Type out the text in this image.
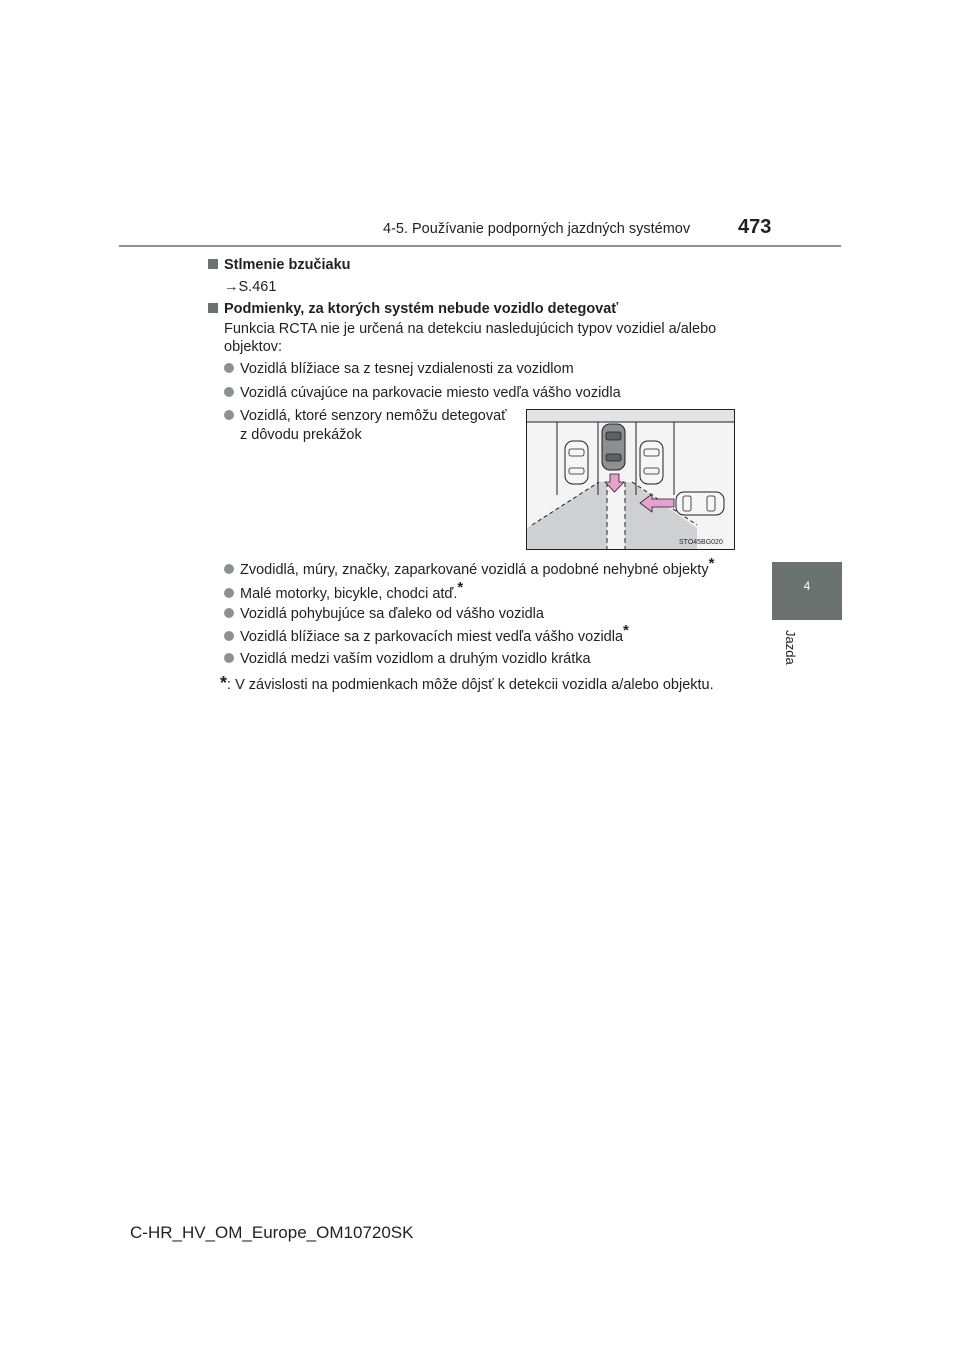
4-5. Používanie podporných jazdných systémov 473
4
Jazda
Stlmenie bzučiaku
→S.461
Podmienky, za ktorých systém nebude vozidlo detegovať
Funkcia RCTA nie je určená na detekciu nasledujúcich typov vozidiel a/alebo
objektov:
Vozidlá blížiace sa z tesnej vzdialenosti za vozidlom
Vozidlá cúvajúce na parkovacie miesto vedľa vášho vozidla
Vozidlá, ktoré senzory nemôžu detegovať
z dôvodu prekážok
Zvodidlá, múry, značky, zaparkované vozidlá a podobné nehybné objekty*
Malé motorky, bicykle, chodci atď.*
Vozidlá pohybujúce sa ďaleko od vášho vozidla
Vozidlá blížiace sa z parkovacích miest vedľa vášho vozidla*
Vozidlá medzi vaším vozidlom a druhým vozidlo krátka
*: V závislosti na podmienkach môže dôjsť k detekcii vozidla a/alebo objektu.
STO45BG020
C-HR_HV_OM_Europe_OM10720SK
